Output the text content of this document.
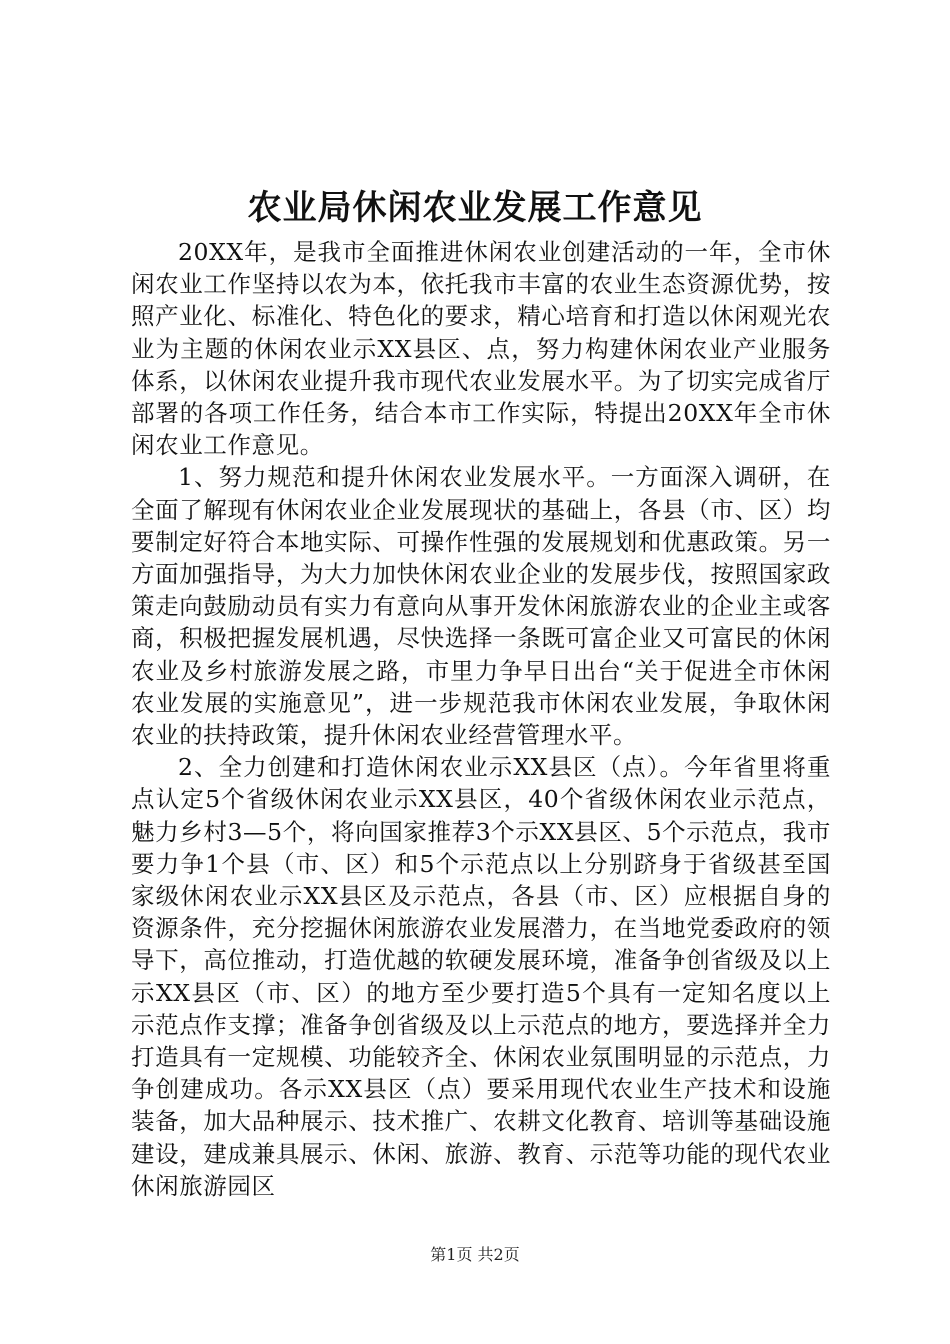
农业局休闲农业发展工作意见

20XX年，是我市全面推进休闲农业创建活动的一年，全市休闲农业工作坚持以农为本，依托我市丰富的农业生态资源优势，按照产业化、标准化、特色化的要求，精心培育和打造以休闲观光农业为主题的休闲农业示XX县区、点，努力构建休闲农业产业服务体系，以休闲农业提升我市现代农业发展水平。为了切实完成省厅部署的各项工作任务，结合本市工作实际，特提出20XX年全市休闲农业工作意见。

1、努力规范和提升休闲农业发展水平。一方面深入调研，在全面了解现有休闲农业企业发展现状的基础上，各县（市、区）均要制定好符合本地实际、可操作性强的发展规划和优惠政策。另一方面加强指导，为大力加快休闲农业企业的发展步伐，按照国家政策走向鼓励动员有实力有意向从事开发休闲旅游农业的企业主或客商，积极把握发展机遇，尽快选择一条既可富企业又可富民的休闲农业及乡村旅游发展之路，市里力争早日出台“关于促进全市休闲农业发展的实施意见”，进一步规范我市休闲农业发展，争取休闲农业的扶持政策，提升休闲农业经营管理水平。

2、全力创建和打造休闲农业示XX县区（点）。今年省里将重点认定5个省级休闲农业示XX县区，40个省级休闲农业示范点，魅力乡村3—5个，将向国家推荐3个示XX县区、5个示范点，我市要力争1个县（市、区）和5个示范点以上分别跻身于省级甚至国家级休闲农业示XX县区及示范点，各县（市、区）应根据自身的资源条件，充分挖掘休闲旅游农业发展潜力，在当地党委政府的领导下，高位推动，打造优越的软硬发展环境，准备争创省级及以上示XX县区（市、区）的地方至少要打造5个具有一定知名度以上示范点作支撑；准备争创省级及以上示范点的地方，要选择并全力打造具有一定规模、功能较齐全、休闲农业氛围明显的示范点，力争创建成功。各示XX县区（点）要采用现代农业生产技术和设施装备，加大品种展示、技术推广、农耕文化教育、培训等基础设施建设，建成兼具展示、休闲、旅游、教育、示范等功能的现代农业休闲旅游园区

第1页 共2页
